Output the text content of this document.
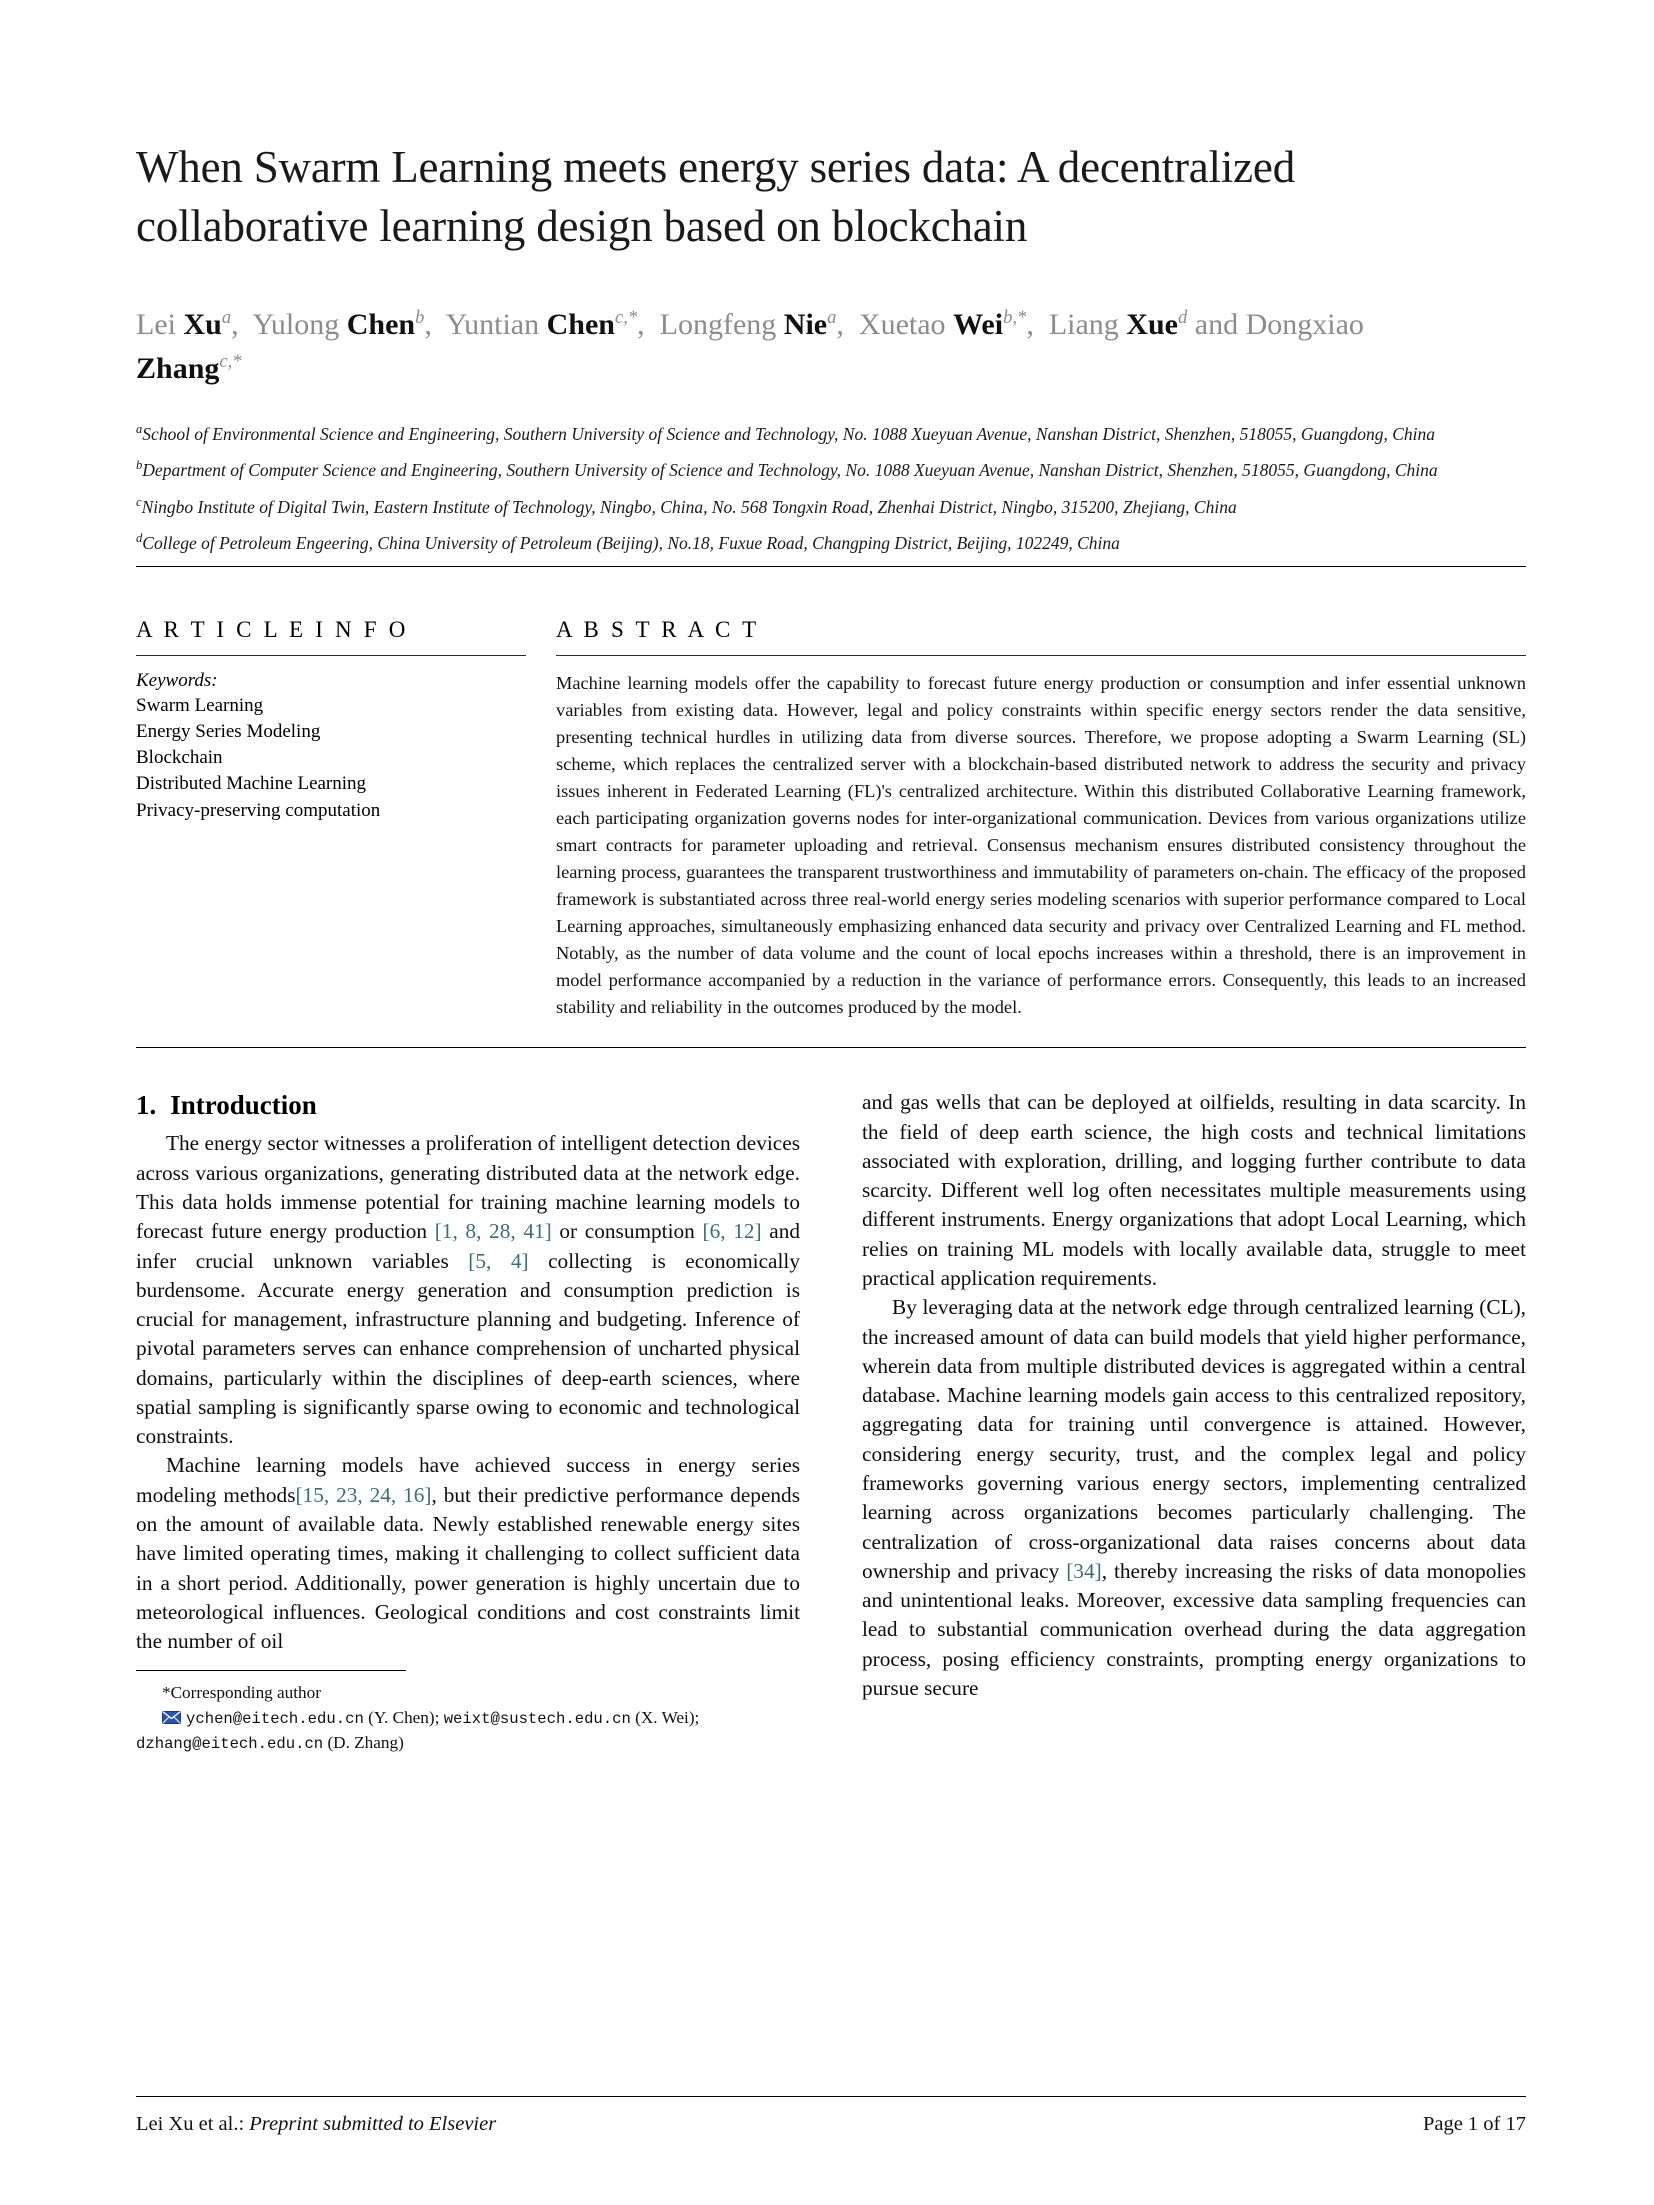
When Swarm Learning meets energy series data: A decentralized collaborative learning design based on blockchain
Lei Xu$^a$,  Yulong Chen$^b$,  Yuntian Chen$^{c,*}$,  Longfeng Nie$^a$,  Xuetao Wei$^{b,*}$,  Liang Xue$^d$ and Dongxiao Zhang$^{c,*}$
$^a$School of Environmental Science and Engineering, Southern University of Science and Technology, No. 1088 Xueyuan Avenue, Nanshan District, Shenzhen, 518055, Guangdong, China
$^b$Department of Computer Science and Engineering, Southern University of Science and Technology, No. 1088 Xueyuan Avenue, Nanshan District, Shenzhen, 518055, Guangdong, China
$^c$Ningbo Institute of Digital Twin, Eastern Institute of Technology, Ningbo, China, No. 568 Tongxin Road, Zhenhai District, Ningbo, 315200, Zhejiang, China
$^d$College of Petroleum Engeering, China University of Petroleum (Beijing), No.18, Fuxue Road, Changping District, Beijing, 102249, China
A R T I C L E I N F O
Keywords:
Swarm Learning
Energy Series Modeling
Blockchain
Distributed Machine Learning
Privacy-preserving computation
A B S T R A C T
Machine learning models offer the capability to forecast future energy production or consumption and infer essential unknown variables from existing data. However, legal and policy constraints within specific energy sectors render the data sensitive, presenting technical hurdles in utilizing data from diverse sources. Therefore, we propose adopting a Swarm Learning (SL) scheme, which replaces the centralized server with a blockchain-based distributed network to address the security and privacy issues inherent in Federated Learning (FL)'s centralized architecture. Within this distributed Collaborative Learning framework, each participating organization governs nodes for inter-organizational communication. Devices from various organizations utilize smart contracts for parameter uploading and retrieval. Consensus mechanism ensures distributed consistency throughout the learning process, guarantees the transparent trustworthiness and immutability of parameters on-chain. The efficacy of the proposed framework is substantiated across three real-world energy series modeling scenarios with superior performance compared to Local Learning approaches, simultaneously emphasizing enhanced data security and privacy over Centralized Learning and FL method. Notably, as the number of data volume and the count of local epochs increases within a threshold, there is an improvement in model performance accompanied by a reduction in the variance of performance errors. Consequently, this leads to an increased stability and reliability in the outcomes produced by the model.
1. Introduction

The energy sector witnesses a proliferation of intelligent detection devices across various organizations, generating distributed data at the network edge. This data holds immense potential for training machine learning models to forecast future energy production [1, 8, 28, 41] or consumption [6, 12] and infer crucial unknown variables [5, 4] collecting is economically burdensome. Accurate energy generation and consumption prediction is crucial for management, infrastructure planning and budgeting. Inference of pivotal parameters serves can enhance comprehension of uncharted physical domains, particularly within the disciplines of deep-earth sciences, where spatial sampling is significantly sparse owing to economic and technological constraints.

Machine learning models have achieved success in energy series modeling methods[15, 23, 24, 16], but their predictive performance depends on the amount of available data. Newly established renewable energy sites have limited operating times, making it challenging to collect sufficient data in a short period. Additionally, power generation is highly uncertain due to meteorological influences. Geological conditions and cost constraints limit the number of oil

*Corresponding author
ychen@eitech.edu.cn (Y. Chen); weixt@sustech.edu.cn (X. Wei); dzhang@eitech.edu.cn (D. Zhang)

and gas wells that can be deployed at oilfields, resulting in data scarcity. In the field of deep earth science, the high costs and technical limitations associated with exploration, drilling, and logging further contribute to data scarcity. Different well log often necessitates multiple measurements using different instruments. Energy organizations that adopt Local Learning, which relies on training ML models with locally available data, struggle to meet practical application requirements.

By leveraging data at the network edge through centralized learning (CL), the increased amount of data can build models that yield higher performance, wherein data from multiple distributed devices is aggregated within a central database. Machine learning models gain access to this centralized repository, aggregating data for training until convergence is attained. However, considering energy security, trust, and the complex legal and policy frameworks governing various energy sectors, implementing centralized learning across organizations becomes particularly challenging. The centralization of cross-organizational data raises concerns about data ownership and privacy [34], thereby increasing the risks of data monopolies and unintentional leaks. Moreover, excessive data sampling frequencies can lead to substantial communication overhead during the data aggregation process, posing efficiency constraints, prompting energy organizations to pursue secure

Lei Xu et al.: Preprint submitted to Elsevier	Page 1 of 17
